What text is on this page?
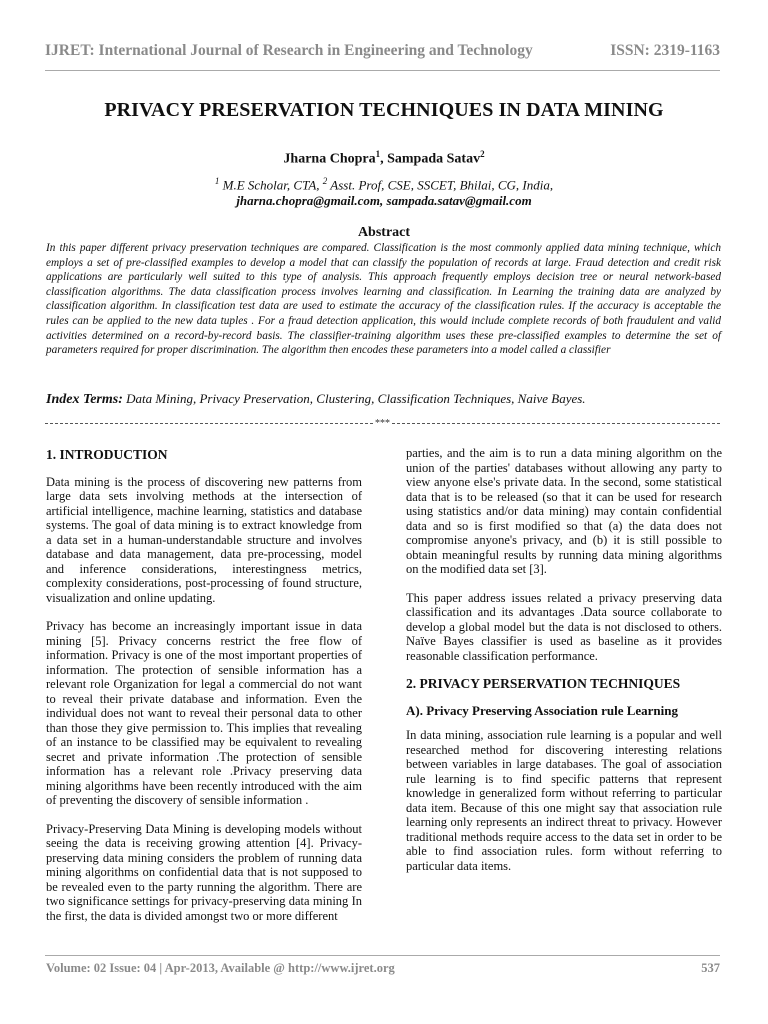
IJRET: International Journal of Research in Engineering and Technology	ISSN: 2319-1163
PRIVACY PRESERVATION TECHNIQUES IN DATA MINING
Jharna Chopra$^1$, Sampada Satav$^2$
$^1$ M.E Scholar, CTA, $^2$ Asst. Prof, CSE, SSCET, Bhilai, CG, India,
jharna.chopra@gmail.com, sampada.satav@gmail.com
Abstract
In this paper different privacy preservation techniques are compared. Classification is the most commonly applied data mining technique, which employs a set of pre-classified examples to develop a model that can classify the population of records at large. Fraud detection and credit risk applications are particularly well suited to this type of analysis. This approach frequently employs decision tree or neural network-based classification algorithms. The data classification process involves learning and classification. In Learning the training data are analyzed by classification algorithm. In classification test data are used to estimate the accuracy of the classification rules. If the accuracy is acceptable the rules can be applied to the new data tuples . For a fraud detection application, this would include complete records of both fraudulent and valid activities determined on a record-by-record basis. The classifier-training algorithm uses these pre-classified examples to determine the set of parameters required for proper discrimination. The algorithm then encodes these parameters into a model called a classifier
Index Terms: Data Mining, Privacy Preservation, Clustering, Classification Techniques, Naive Bayes.
***
1. INTRODUCTION

Data mining is the process of discovering new patterns from large data sets involving methods at the intersection of artificial intelligence, machine learning, statistics and database systems. The goal of data mining is to extract knowledge from a data set in a human-understandable structure and involves database and data management, data pre-processing, model and inference considerations, interestingness metrics, complexity considerations, post-processing of found structure, visualization and online updating.

Privacy has become an increasingly important issue in data mining [5]. Privacy concerns restrict the free flow of information. Privacy is one of the most important properties of information. The protection of sensible information has a relevant role Organization for legal a commercial do not want to reveal their private database and information. Even the individual does not want to reveal their personal data to other than those they give permission to. This implies that revealing of an instance to be classified may be equivalent to revealing secret and private information .The protection of sensible information has a relevant role .Privacy preserving data mining algorithms have been recently introduced with the aim of preventing the discovery of sensible information .

Privacy-Preserving Data Mining is developing models without seeing the data is receiving growing attention [4]. Privacy-preserving data mining considers the problem of running data mining algorithms on confidential data that is not supposed to be revealed even to the party running the algorithm. There are two significance settings for privacy-preserving data mining In the first, the data is divided amongst two or more different

parties, and the aim is to run a data mining algorithm on the union of the parties' databases without allowing any party to view anyone else's private data. In the second, some statistical data that is to be released (so that it can be used for research using statistics and/or data mining) may contain confidential data and so is first modified so that (a) the data does not compromise anyone's privacy, and (b) it is still possible to obtain meaningful results by running data mining algorithms on the modified data set [3].

This paper address issues related a privacy preserving data classification and its advantages .Data source collaborate to develop a global model but the data is not disclosed to others. Naïve Bayes classifier is used as baseline as it provides reasonable classification performance.

2. PRIVACY PERSERVATION TECHNIQUES
A). Privacy Preserving Association rule Learning

In data mining, association rule learning is a popular and well researched method for discovering interesting relations between variables in large databases. The goal of association rule learning is to find specific patterns that represent knowledge in generalized form without referring to particular data item. Because of this one might say that association rule learning only represents an indirect threat to privacy. However traditional methods require access to the data set in order to be able to find association rules. form without referring to particular data items.

Volume: 02 Issue: 04 | Apr-2013, Available @ http://www.ijret.org	537
